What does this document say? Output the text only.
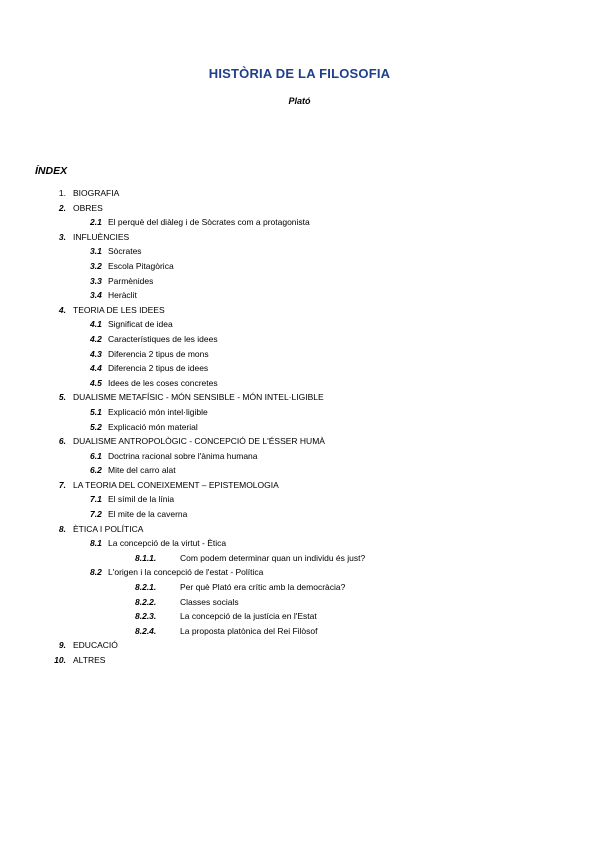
HISTÒRIA DE LA FILOSOFIA
Plató
ÍNDEX
1. BIOGRAFIA
2. OBRES
2.1 El perquè del diàleg i de Sòcrates com a protagonista
3. INFLUÈNCIES
3.1 Sòcrates
3.2 Escola Pitagòrica
3.3 Parmènides
3.4 Heràclit
4. TEORIA DE LES IDEES
4.1 Significat de idea
4.2 Característiques de les idees
4.3 Diferencia 2 tipus de mons
4.4 Diferencia 2 tipus de idees
4.5 Idees de les coses concretes
5. DUALISME METAFÍSIC - MÓN SENSIBLE - MÓN INTEL·LIGIBLE
5.1 Explicació món intel·ligible
5.2 Explicació món material
6. DUALISME ANTROPOLÒGIC - CONCEPCIÓ DE L'ÉSSER HUMÀ
6.1 Doctrina racional sobre l'ànima humana
6.2 Mite del carro alat
7. LA TEORIA DEL CONEIXEMENT – EPISTEMOLOGIA
7.1 El símil de la línia
7.2 El mite de la caverna
8. ÈTICA I POLÍTICA
8.1 La concepció de la virtut - Ètica
8.1.1.	Com podem determinar quan un individu és just?
8.2 L'origen i la concepció de l'estat - Política
8.2.1.	Per què Plató era crític amb la democràcia?
8.2.2.	Classes socials
8.2.3.	La concepció de la justícia en l'Estat
8.2.4.	La proposta platònica del Rei Filòsof
9. EDUCACIÓ
10. ALTRES
